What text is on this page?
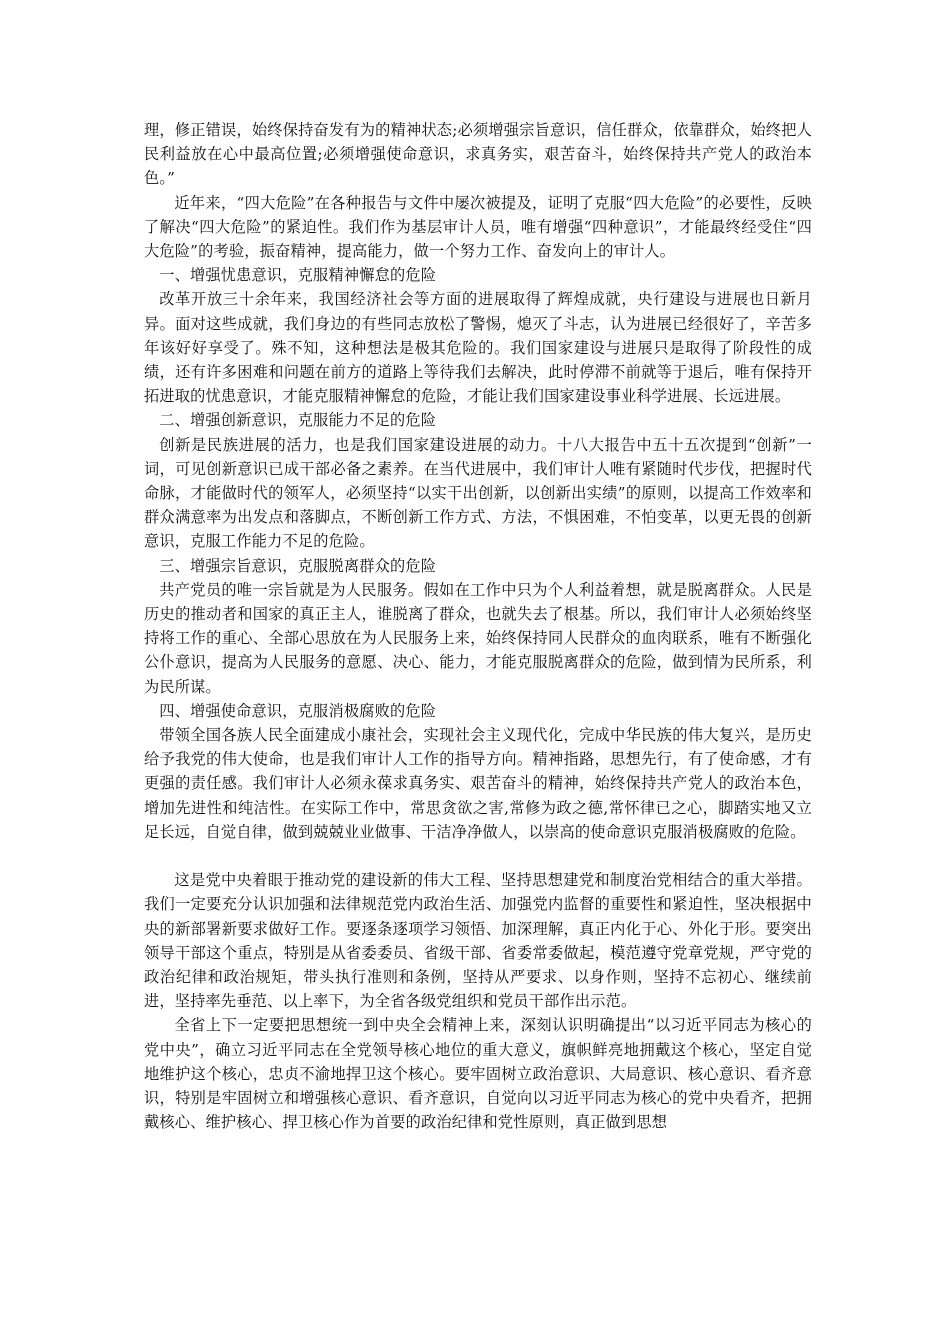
理，修正错误，始终保持奋发有为的精神状态;必须增强宗旨意识，信任群众，依靠群众，始终把人民利益放在心中最高位置;必须增强使命意识，求真务实，艰苦奋斗，始终保持共产党人的政治本色。”

近年来，“四大危险”在各种报告与文件中屡次被提及，证明了克服“四大危险”的必要性，反映了解决“四大危险”的紧迫性。我们作为基层审计人员，唯有增强“四种意识”，才能最终经受住“四大危险”的考验，振奋精神，提高能力，做一个努力工作、奋发向上的审计人。

一、增强忧患意识，克服精神懈怠的危险

改革开放三十余年来，我国经济社会等方面的进展取得了辉煌成就，央行建设与进展也日新月异。面对这些成就，我们身边的有些同志放松了警惕，熄灭了斗志，认为进展已经很好了，辛苦多年该好好享受了。殊不知，这种想法是极其危险的。我们国家建设与进展只是取得了阶段性的成绩，还有许多困难和问题在前方的道路上等待我们去解决，此时停滞不前就等于退后，唯有保持开拓进取的忧患意识，才能克服精神懈怠的危险，才能让我们国家建设事业科学进展、长远进展。

二、增强创新意识，克服能力不足的危险

创新是民族进展的活力，也是我们国家建设进展的动力。十八大报告中五十五次提到“创新”一词，可见创新意识已成干部必备之素养。在当代进展中，我们审计人唯有紧随时代步伐，把握时代命脉，才能做时代的领军人，必须坚持“以实干出创新，以创新出实绩”的原则，以提高工作效率和群众满意率为出发点和落脚点，不断创新工作方式、方法，不惧困难，不怕变革，以更无畏的创新意识，克服工作能力不足的危险。

三、增强宗旨意识，克服脱离群众的危险

共产党员的唯一宗旨就是为人民服务。假如在工作中只为个人利益着想，就是脱离群众。人民是历史的推动者和国家的真正主人，谁脱离了群众，也就失去了根基。所以，我们审计人必须始终坚持将工作的重心、全部心思放在为人民服务上来，始终保持同人民群众的血肉联系，唯有不断强化公仆意识，提高为人民服务的意愿、决心、能力，才能克服脱离群众的危险，做到情为民所系，利为民所谋。

四、增强使命意识，克服消极腐败的危险

带领全国各族人民全面建成小康社会，实现社会主义现代化，完成中华民族的伟大复兴，是历史给予我党的伟大使命，也是我们审计人工作的指导方向。精神指路，思想先行，有了使命感，才有更强的责任感。我们审计人必须永葆求真务实、艰苦奋斗的精神，始终保持共产党人的政治本色，增加先进性和纯洁性。在实际工作中，常思贪欲之害,常修为政之德,常怀律已之心，脚踏实地又立足长远，自觉自律，做到兢兢业业做事、干洁净净做人，以崇高的使命意识克服消极腐败的危险。

这是党中央着眼于推动党的建设新的伟大工程、坚持思想建党和制度治党相结合的重大举措。我们一定要充分认识加强和法律规范党内政治生活、加强党内监督的重要性和紧迫性，坚决根据中央的新部署新要求做好工作。要逐条逐项学习领悟、加深理解，真正内化于心、外化于形。要突出领导干部这个重点，特别是从省委委员、省级干部、省委常委做起，模范遵守党章党规，严守党的政治纪律和政治规矩，带头执行准则和条例，坚持从严要求、以身作则，坚持不忘初心、继续前进，坚持率先垂范、以上率下，为全省各级党组织和党员干部作出示范。

全省上下一定要把思想统一到中央全会精神上来，深刻认识明确提出“以习近平同志为核心的党中央”，确立习近平同志在全党领导核心地位的重大意义，旗帜鲜亮地拥戴这个核心，坚定自觉地维护这个核心，忠贞不渝地捍卫这个核心。要牢固树立政治意识、大局意识、核心意识、看齐意识，特别是牢固树立和增强核心意识、看齐意识，自觉向以习近平同志为核心的党中央看齐，把拥戴核心、维护核心、捍卫核心作为首要的政治纪律和党性原则，真正做到思想
